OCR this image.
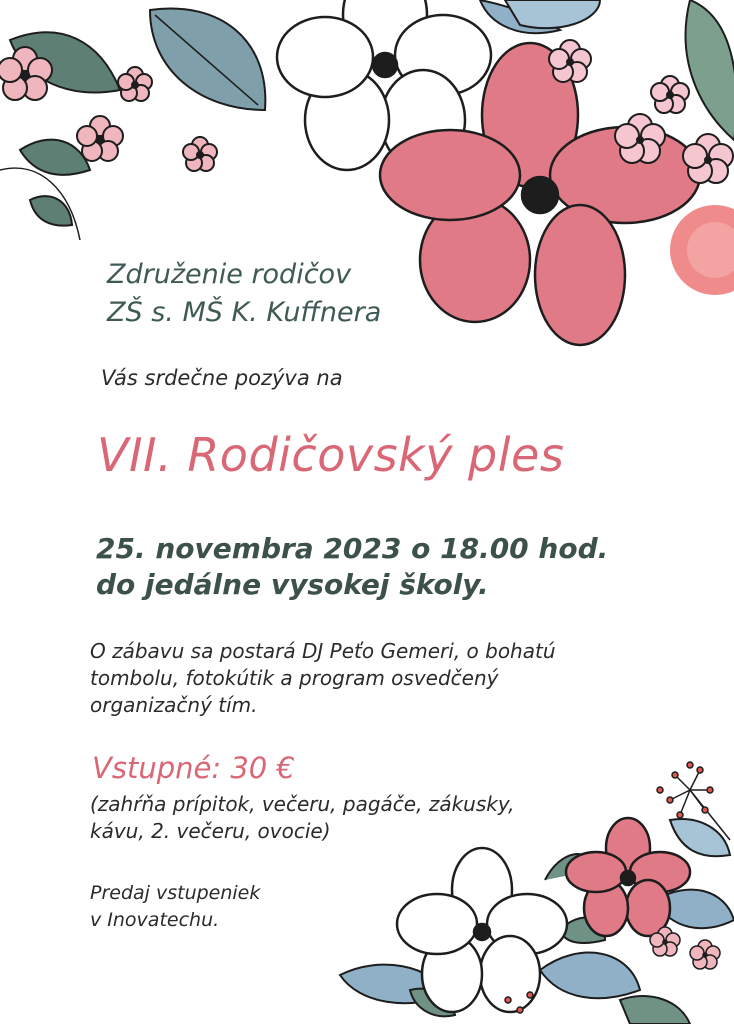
Združenie rodičov
ZŠ s. MŠ K. Kuffnera

Vás srdečne pozýva na

VII. Rodičovský ples
25. novembra 2023 o 18.00 hod.
do jedálne vysokej školy.
O zábavu sa postará DJ Peťo Gemeri, o bohatú
tombolu, fotokútik a program osvedčený
organizačný tím.

Vstupné: 30 €

(zahŕňa prípitok, večeru, pagáče, zákusky,
kávu, 2. večeru, ovocie)
Predaj vstupeniek
v Inovatechu.
